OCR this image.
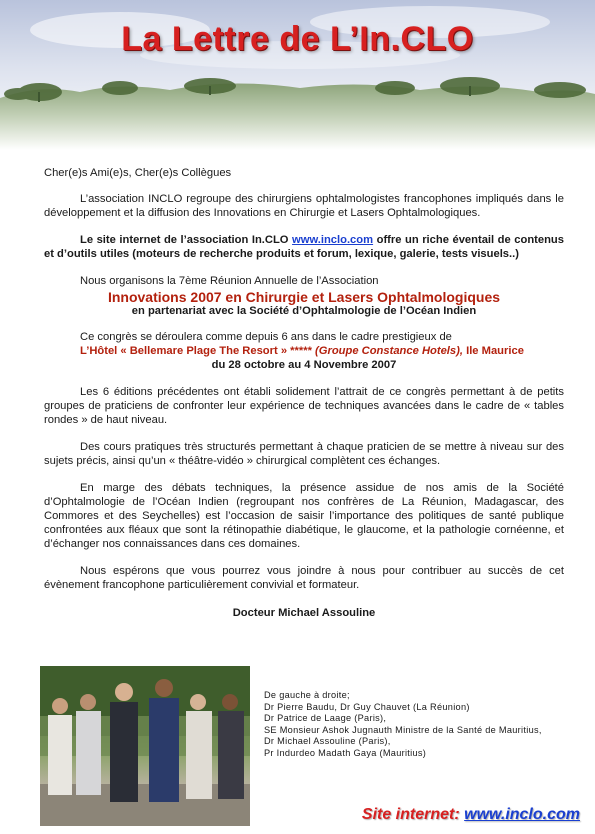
La Lettre de L’In.CLO

Cher(e)s Ami(e)s, Cher(e)s Collègues

L’association INCLO regroupe des chirurgiens ophtalmologistes francophones impliqués dans le développement et la diffusion des Innovations en Chirurgie et Lasers Ophtalmologiques.

Le site internet de l’association In.CLO www.inclo.com offre un riche éventail de contenus et d’outils utiles (moteurs de recherche produits et forum, lexique, galerie, tests visuels..)

Nous organisons la 7ème Réunion Annuelle de l’Association

Innovations 2007 en Chirurgie et Lasers Ophtalmologiques

en partenariat avec la Société d’Ophtalmologie de l’Océan Indien

Ce congrès se déroulera comme depuis 6 ans dans le cadre prestigieux de

L’Hôtel « Bellemare Plage The Resort » ***** (Groupe Constance Hotels), Ile Maurice

du 28 octobre au 4 Novembre 2007

Les 6 éditions précédentes ont établi solidement l’attrait de ce congrès permettant à de petits groupes de praticiens de confronter leur expérience de techniques avancées dans le cadre de « tables rondes » de haut niveau.

Des cours pratiques très structurés permettant à chaque praticien de se mettre à niveau sur des sujets précis, ainsi qu’un « théâtre-vidéo » chirurgical complètent ces échanges.

En marge des débats techniques, la présence assidue de nos amis de la Société d’Ophtalmologie de l’Océan Indien (regroupant nos confrères de La Réunion, Madagascar, des Commores et des Seychelles) est l’occasion de saisir l’importance des politiques de santé publique confrontées aux fléaux que sont la rétinopathie diabétique, le glaucome, et la pathologie cornéenne, et d’échanger nos connaissances dans ces domaines.

Nous espérons que vous pourrez vous joindre à nous pour contribuer au succès de cet évènement francophone particulièrement convivial et formateur.

Docteur Michael Assouline

De gauche à droite;
Dr Pierre Baudu, Dr Guy Chauvet (La Réunion)
Dr Patrice de Laage (Paris),
SE Monsieur Ashok Jugnauth Ministre de la Santé de Mauritius,
Dr Michael Assouline (Paris),
Pr Indurdeo Madath Gaya (Mauritius)
Site internet: www.inclo.com
